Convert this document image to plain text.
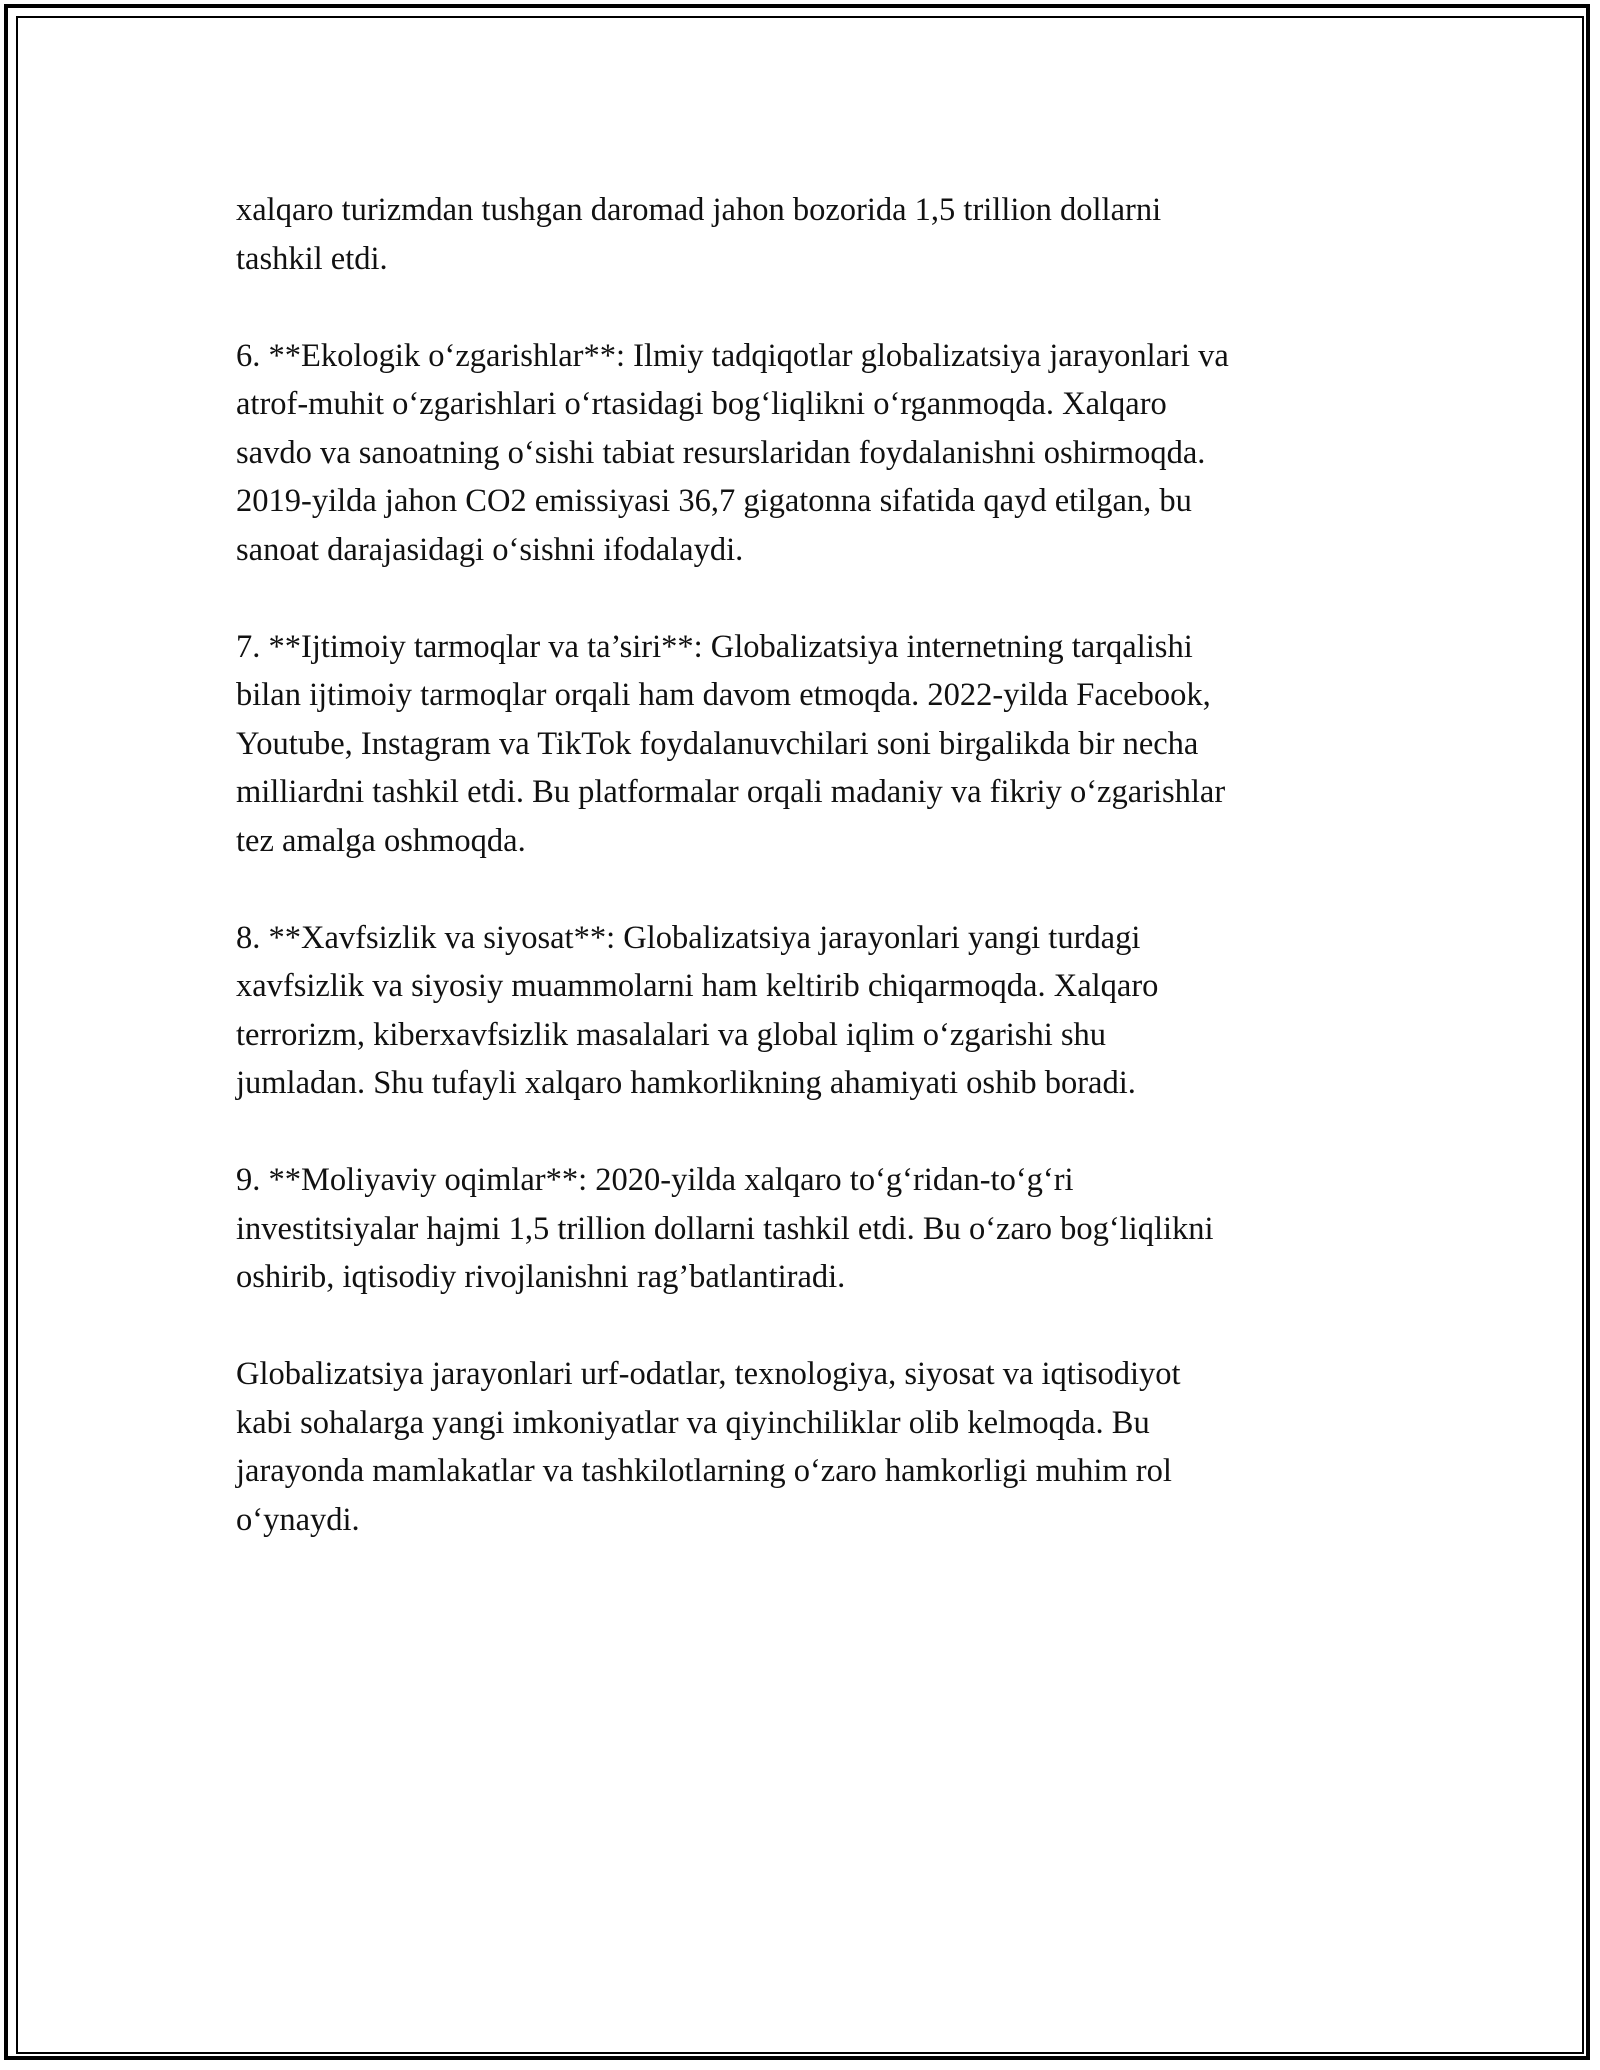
xalqaro turizmdan tushgan daromad jahon bozorida 1,5 trillion dollarni
tashkil etdi.

6. **Ekologik o‘zgarishlar**: Ilmiy tadqiqotlar globalizatsiya jarayonlari va
atrof-muhit o‘zgarishlari o‘rtasidagi bog‘liqlikni o‘rganmoqda. Xalqaro
savdo va sanoatning o‘sishi tabiat resurslaridan foydalanishni oshirmoqda.
2019-yilda jahon CO2 emissiyasi 36,7 gigatonna sifatida qayd etilgan, bu
sanoat darajasidagi o‘sishni ifodalaydi.

7. **Ijtimoiy tarmoqlar va ta’siri**: Globalizatsiya internetning tarqalishi
bilan ijtimoiy tarmoqlar orqali ham davom etmoqda. 2022-yilda Facebook,
Youtube, Instagram va TikTok foydalanuvchilari soni birgalikda bir necha
milliardni tashkil etdi. Bu platformalar orqali madaniy va fikriy o‘zgarishlar
tez amalga oshmoqda.

8. **Xavfsizlik va siyosat**: Globalizatsiya jarayonlari yangi turdagi
xavfsizlik va siyosiy muammolarni ham keltirib chiqarmoqda. Xalqaro
terrorizm, kiberxavfsizlik masalalari va global iqlim o‘zgarishi shu
jumladan. Shu tufayli xalqaro hamkorlikning ahamiyati oshib boradi.

9. **Moliyaviy oqimlar**: 2020-yilda xalqaro to‘g‘ridan-to‘g‘ri
investitsiyalar hajmi 1,5 trillion dollarni tashkil etdi. Bu o‘zaro bog‘liqlikni
oshirib, iqtisodiy rivojlanishni rag’batlantiradi.

Globalizatsiya jarayonlari urf-odatlar, texnologiya, siyosat va iqtisodiyot
kabi sohalarga yangi imkoniyatlar va qiyinchiliklar olib kelmoqda. Bu
jarayonda mamlakatlar va tashkilotlarning o‘zaro hamkorligi muhim rol
o‘ynaydi.
